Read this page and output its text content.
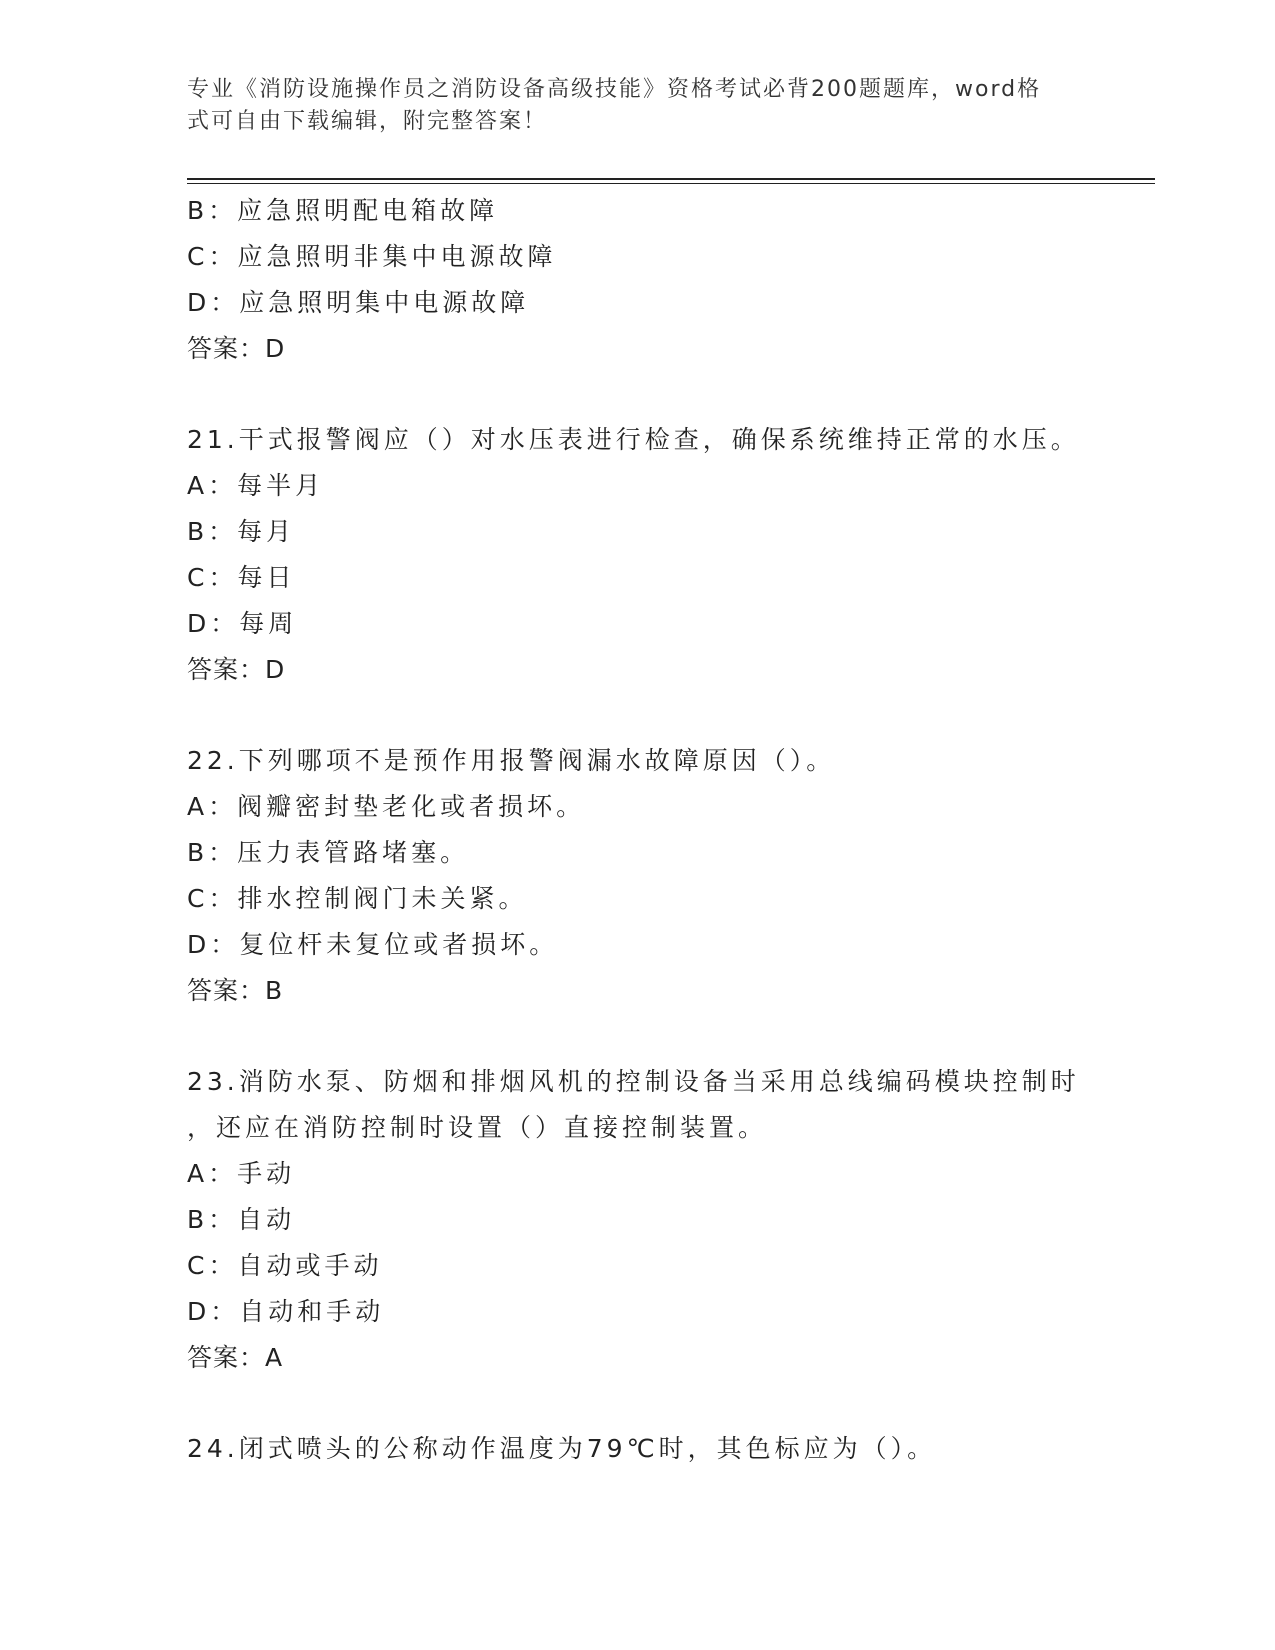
专业《消防设施操作员之消防设备高级技能》资格考试必背200题题库，word格
式可自由下载编辑，附完整答案！
B：应急照明配电箱故障
C：应急照明非集中电源故障
D：应急照明集中电源故障
答案：D
21.干式报警阀应（）对水压表进行检查，确保系统维持正常的水压。
A：每半月
B：每月
C：每日
D：每周
答案：D
22.下列哪项不是预作用报警阀漏水故障原因（）。
A：阀瓣密封垫老化或者损坏。
B：压力表管路堵塞。
C：排水控制阀门未关紧。
D：复位杆未复位或者损坏。
答案：B
23.消防水泵、防烟和排烟风机的控制设备当采用总线编码模块控制时
，还应在消防控制时设置（）直接控制装置。
A：手动
B：自动
C：自动或手动
D：自动和手动
答案：A
24.闭式喷头的公称动作温度为79℃时，其色标应为（）。
